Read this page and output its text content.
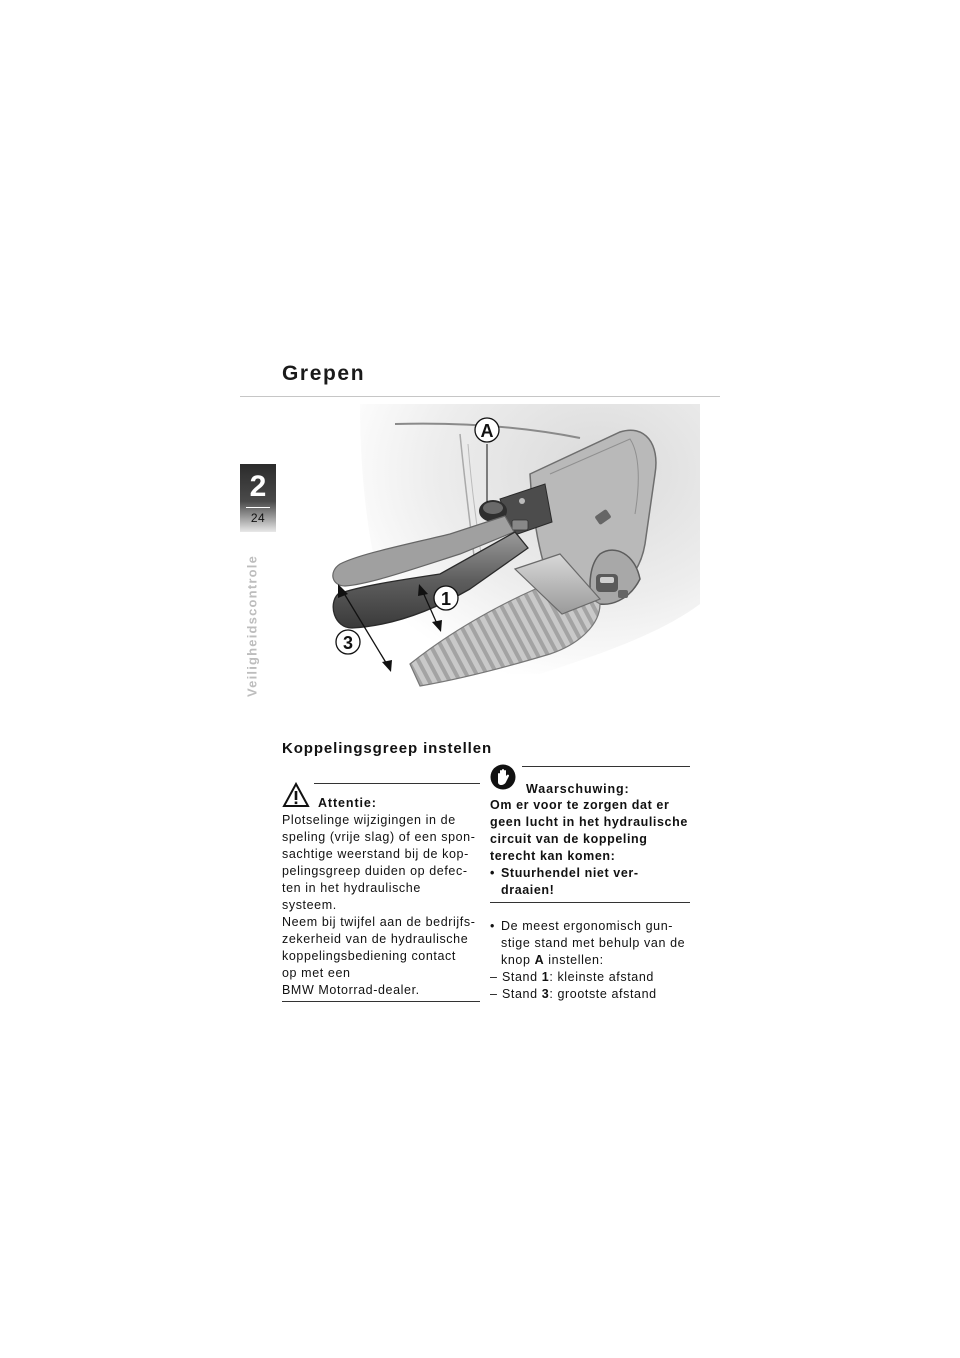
Grepen
2
24
Veiligheidscontrole
A
1
3
Koppelingsgreep instellen
Attentie:

Plotselinge wijzigingen in de

speling (vrije slag) of een spon-

sachtige weerstand bij de kop-

pelingsgreep duiden op defec-

ten in het hydraulische

systeem.

Neem bij twijfel aan de bedrijfs-

zekerheid van de hydraulische

koppelingsbediening contact

op met een

BMW Motorrad-dealer.

Waarschuwing:

Om er voor te zorgen dat er

geen lucht in het hydraulische

circuit van de koppeling

terecht kan komen:

• Stuurhendel niet ver-
draaien!
• De meest ergonomisch gun-
stige stand met behulp van de
knop A instellen:
– Stand 1: kleinste afstand
– Stand 3: grootste afstand
